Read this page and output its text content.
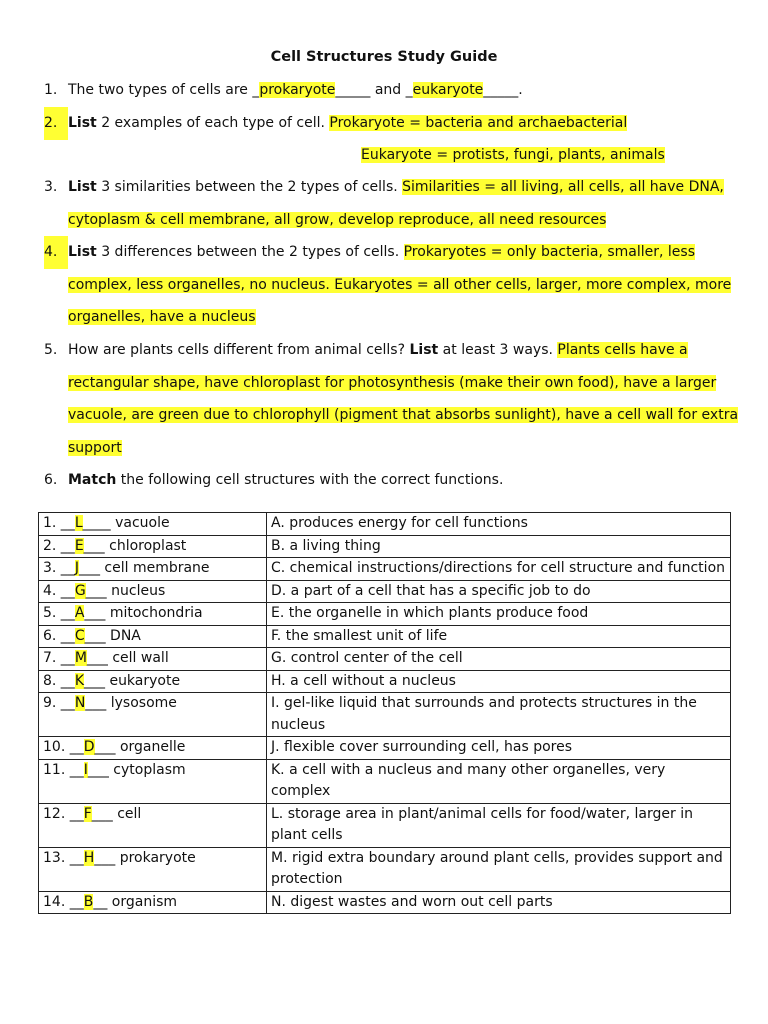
Cell Structures Study Guide
1. The two types of cells are _prokaryote_____ and _eukaryote_____.
2. List 2 examples of each type of cell. Prokaryote = bacteria and archaebacterial
Eukaryote = protists, fungi, plants, animals
3. List 3 similarities between the 2 types of cells. Similarities = all living, all cells, all have DNA, cytoplasm & cell membrane, all grow, develop reproduce, all need resources
4. List 3 differences between the 2 types of cells. Prokaryotes = only bacteria, smaller, less complex, less organelles, no nucleus. Eukaryotes = all other cells, larger, more complex, more organelles, have a nucleus
5. How are plants cells different from animal cells? List at least 3 ways. Plants cells have a rectangular shape, have chloroplast for photosynthesis (make their own food), have a larger vacuole, are green due to chlorophyll (pigment that absorbs sunlight), have a cell wall for extra support
6. Match the following cell structures with the correct functions.
1. __L____ vacuole	A. produces energy for cell functions
2. __E___ chloroplast	B. a living thing
3. __J___ cell membrane	C. chemical instructions/directions for cell structure and function
4. __G___ nucleus	D. a part of a cell that has a specific job to do
5. __A___ mitochondria	E. the organelle in which plants produce food
6. __C___ DNA	F. the smallest unit of life
7. __M___ cell wall	G. control center of the cell
8. __K___ eukaryote	H. a cell without a nucleus
9. __N___ lysosome	I. gel-like liquid that surrounds and protects structures in the nucleus
10. __D___ organelle	J. flexible cover surrounding cell, has pores
11. __I___ cytoplasm	K. a cell with a nucleus and many other organelles, very complex
12. __F___ cell	L. storage area in plant/animal cells for food/water, larger in plant cells
13. __H___ prokaryote	M. rigid extra boundary around plant cells, provides support and protection
14. __B__ organism	N. digest wastes and worn out cell parts
